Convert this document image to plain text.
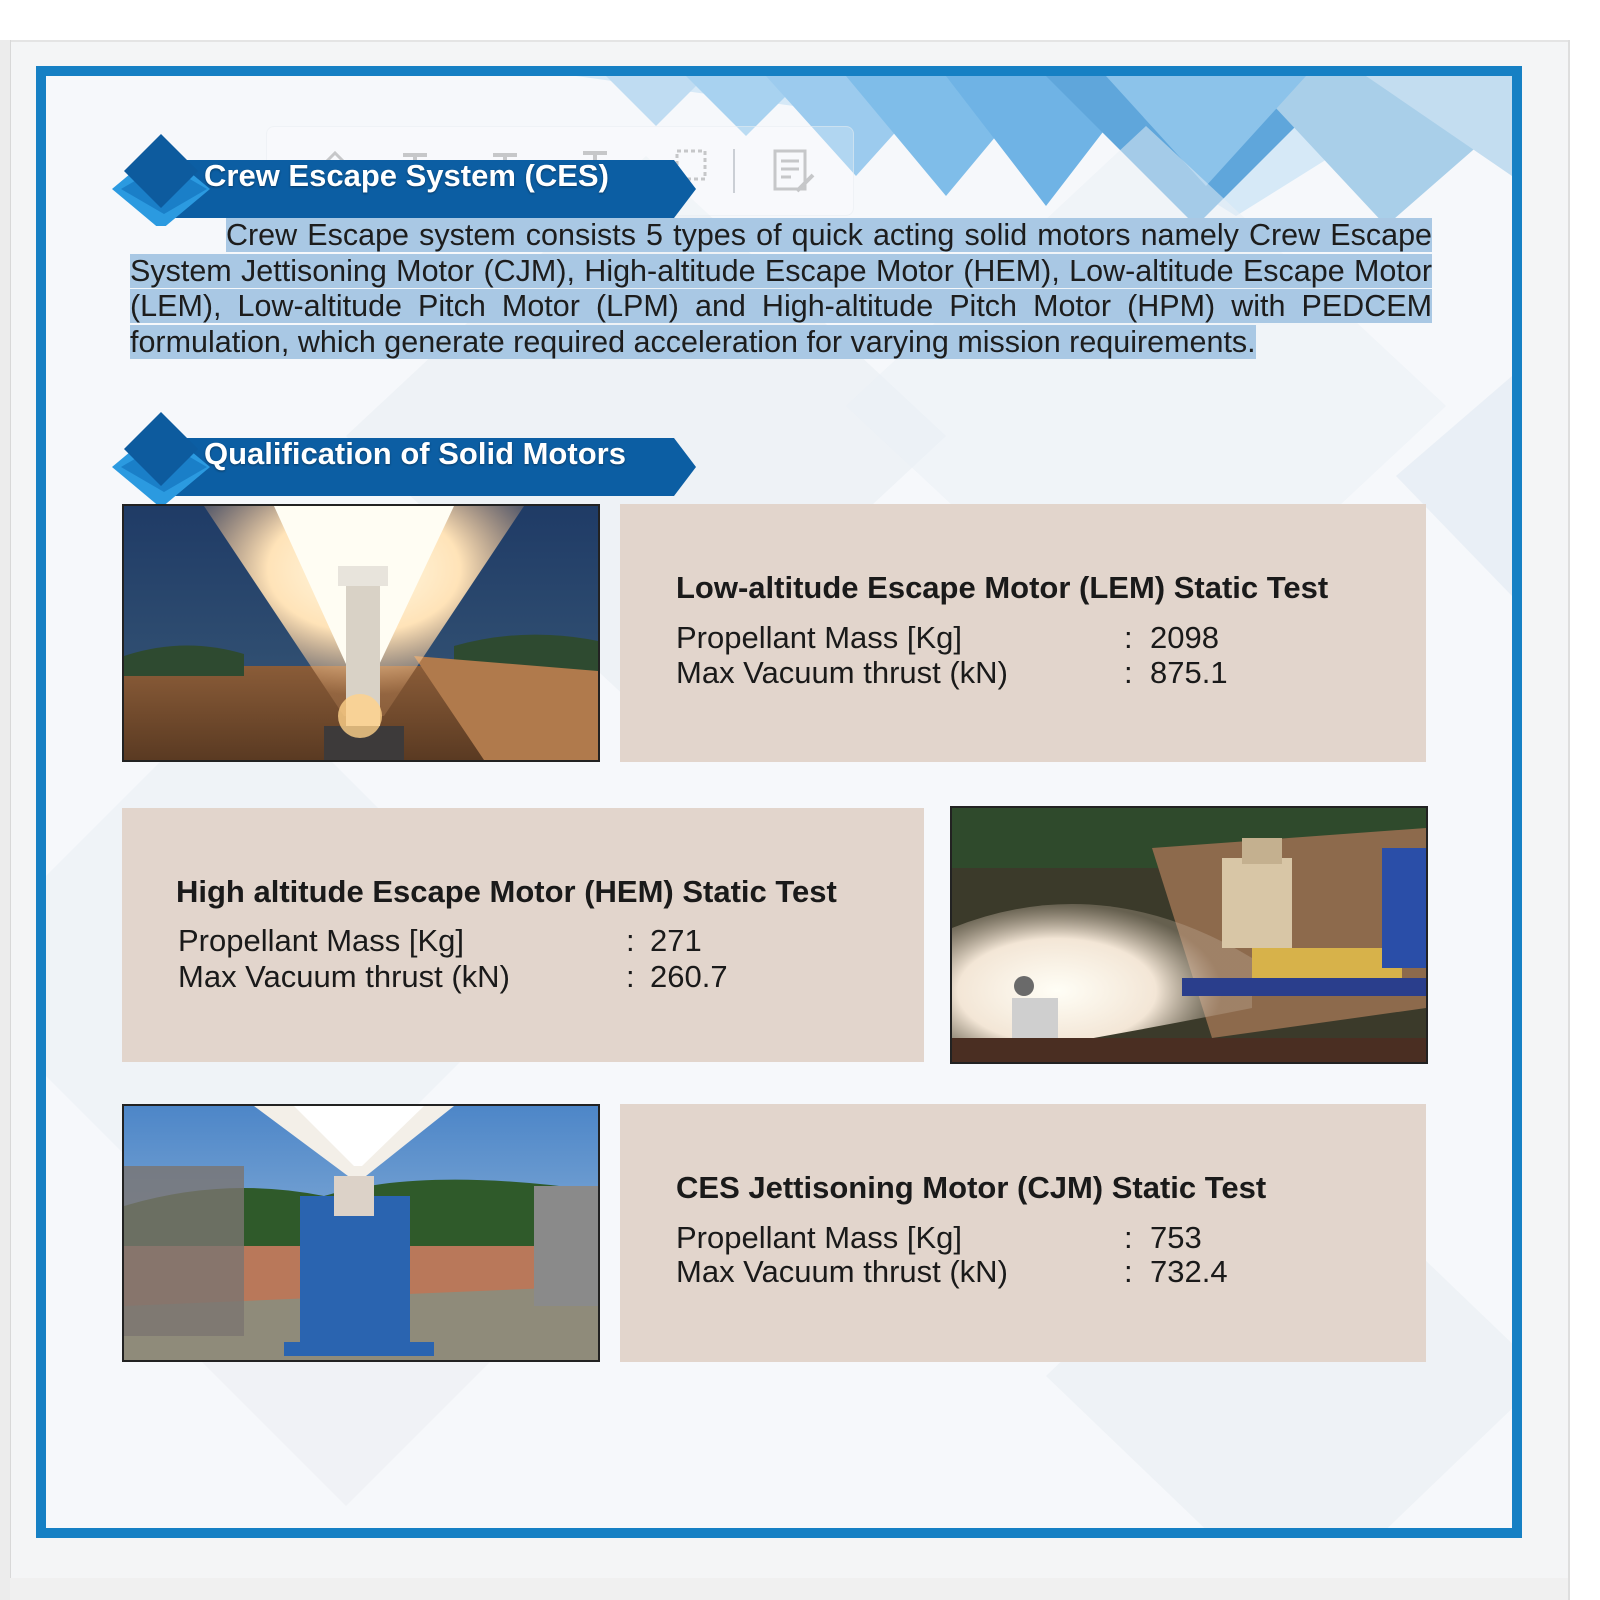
Crew Escape System (CES)
Crew Escape system consists 5 types of quick acting solid motors namely Crew Escape System Jettisoning Motor (CJM), High-altitude Escape Motor (HEM), Low-altitude Escape Motor (LEM), Low-altitude Pitch Motor (LPM) and High-altitude Pitch Motor (HPM) with PEDCEM formulation, which generate required acceleration for varying mission requirements.
Qualification of Solid Motors
Low-altitude Escape Motor (LEM) Static Test
Propellant Mass [Kg]	: 2098
Max Vacuum thrust (kN)	: 875.1
High altitude Escape Motor (HEM) Static Test
Propellant Mass [Kg]	: 271
Max Vacuum thrust (kN)	: 260.7
CES Jettisoning Motor (CJM) Static Test
Propellant Mass [Kg]	: 753
Max Vacuum thrust (kN)	: 732.4
